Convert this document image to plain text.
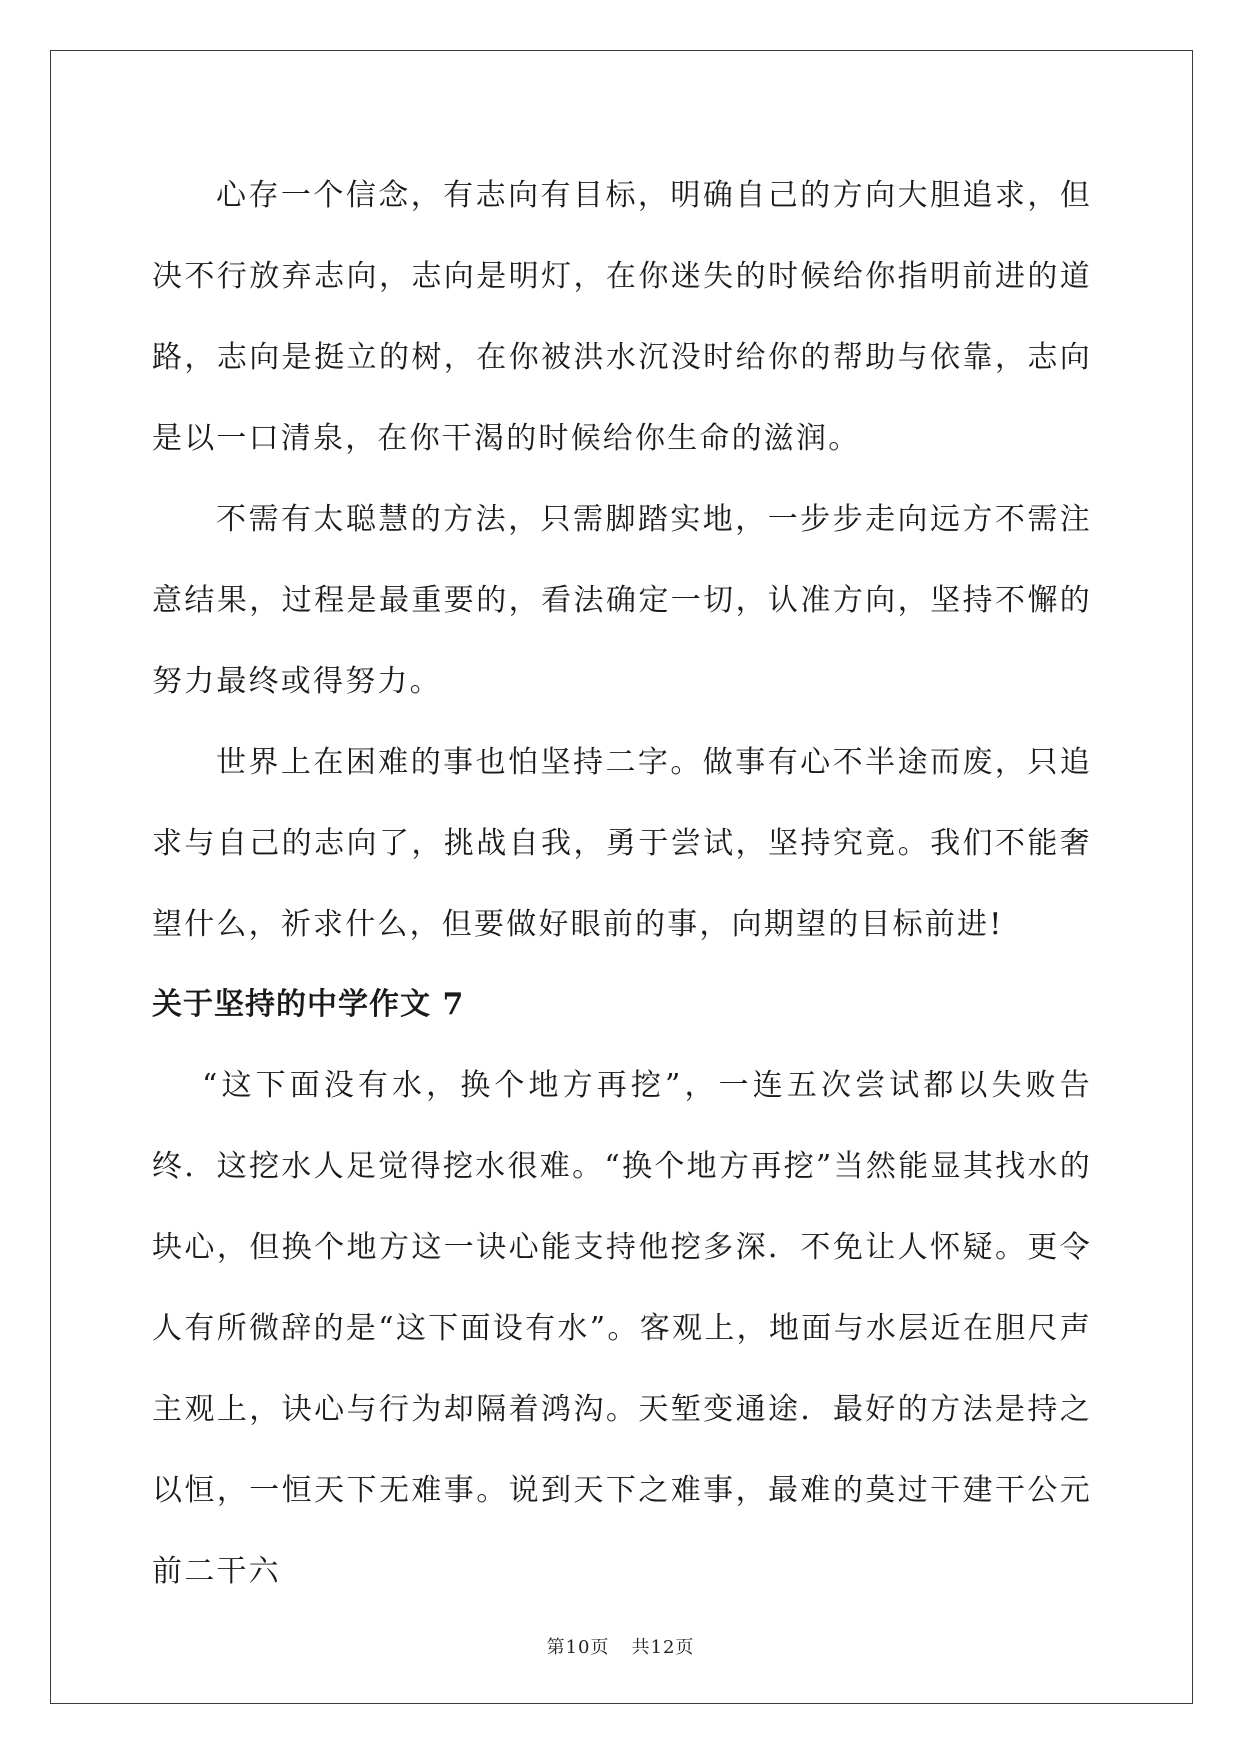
心存一个信念，有志向有目标，明确自己的方向大胆追求，但决不行放弃志向，志向是明灯，在你迷失的时候给你指明前进的道路，志向是挺立的树，在你被洪水沉没时给你的帮助与依靠，志向是以一口清泉，在你干渴的时候给你生命的滋润。

不需有太聪慧的方法，只需脚踏实地，一步步走向远方不需注意结果，过程是最重要的，看法确定一切，认准方向，坚持不懈的努力最终或得努力。

世界上在困难的事也怕坚持二字。做事有心不半途而废，只追求与自己的志向了，挑战自我，勇于尝试，坚持究竟。我们不能奢望什么，祈求什么，但要做好眼前的事，向期望的目标前进!

关于坚持的中学作文 7

“这下面没有水，换个地方再挖”，一连五次尝试都以失败告终．这挖水人足觉得挖水很难。“换个地方再挖”当然能显其找水的块心，但换个地方这一诀心能支持他挖多深．不免让人怀疑。更令人有所微辞的是“这下面设有水”。客观上，地面与水层近在胆尺声主观上，诀心与行为却隔着鸿沟。天堑变通途．最好的方法是持之以恒，一恒天下无难事。说到天下之难事，最难的莫过干建干公元前二干六

第10页 共12页
